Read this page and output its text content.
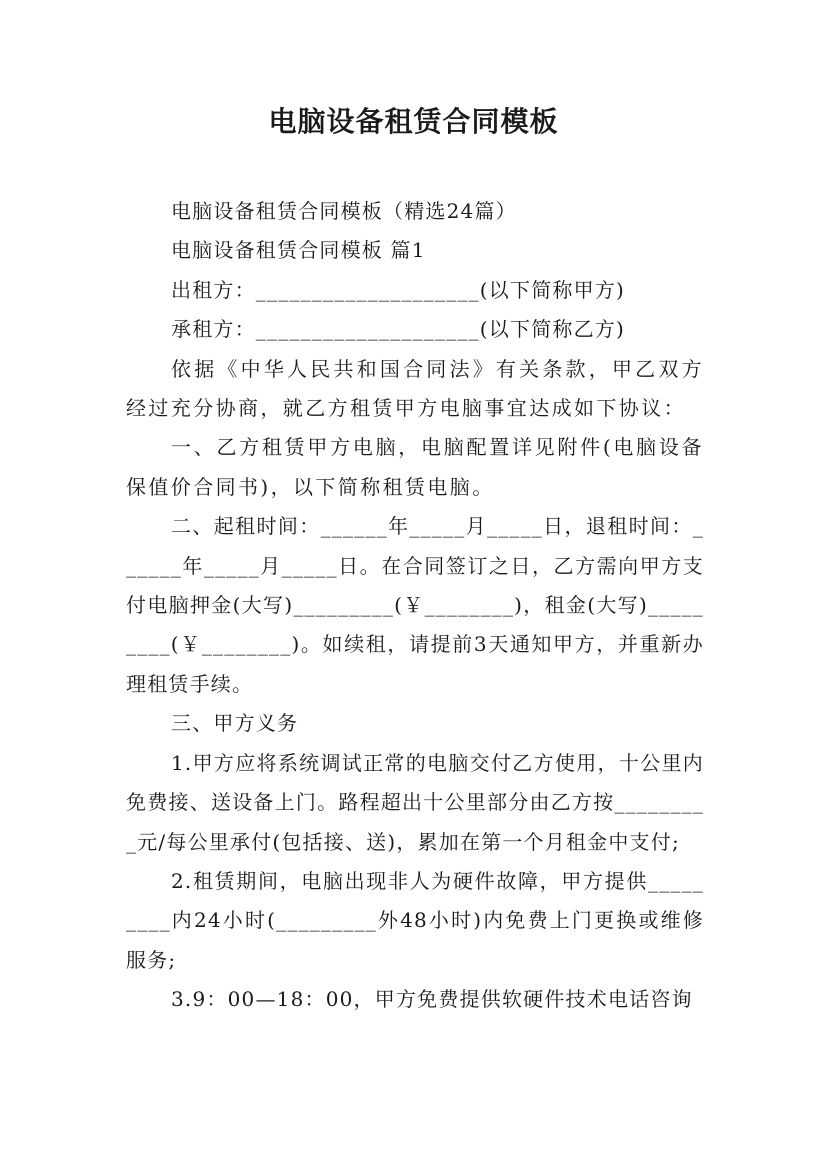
电脑设备租赁合同模板

电脑设备租赁合同模板（精选24篇）

电脑设备租赁合同模板 篇1

出租方：____________________(以下简称甲方)

承租方：____________________(以下简称乙方)

依据《中华人民共和国合同法》有关条款，甲乙双方经过充分协商，就乙方租赁甲方电脑事宜达成如下协议：

一、乙方租赁甲方电脑，电脑配置详见附件(电脑设备保值价合同书)，以下简称租赁电脑。

二、起租时间：______年_____月_____日，退租时间：______年_____月_____日。在合同签订之日，乙方需向甲方支付电脑押金(大写)_________(￥________)，租金(大写)_________(￥________)。如续租，请提前3天通知甲方，并重新办理租赁手续。

三、甲方义务

1.甲方应将系统调试正常的电脑交付乙方使用，十公里内免费接、送设备上门。路程超出十公里部分由乙方按_________元/每公里承付(包括接、送)，累加在第一个月租金中支付;

2.租赁期间，电脑出现非人为硬件故障，甲方提供_________内24小时(_________外48小时)内免费上门更换或维修服务;

3.9：00—18：00，甲方免费提供软硬件技术电话咨询
